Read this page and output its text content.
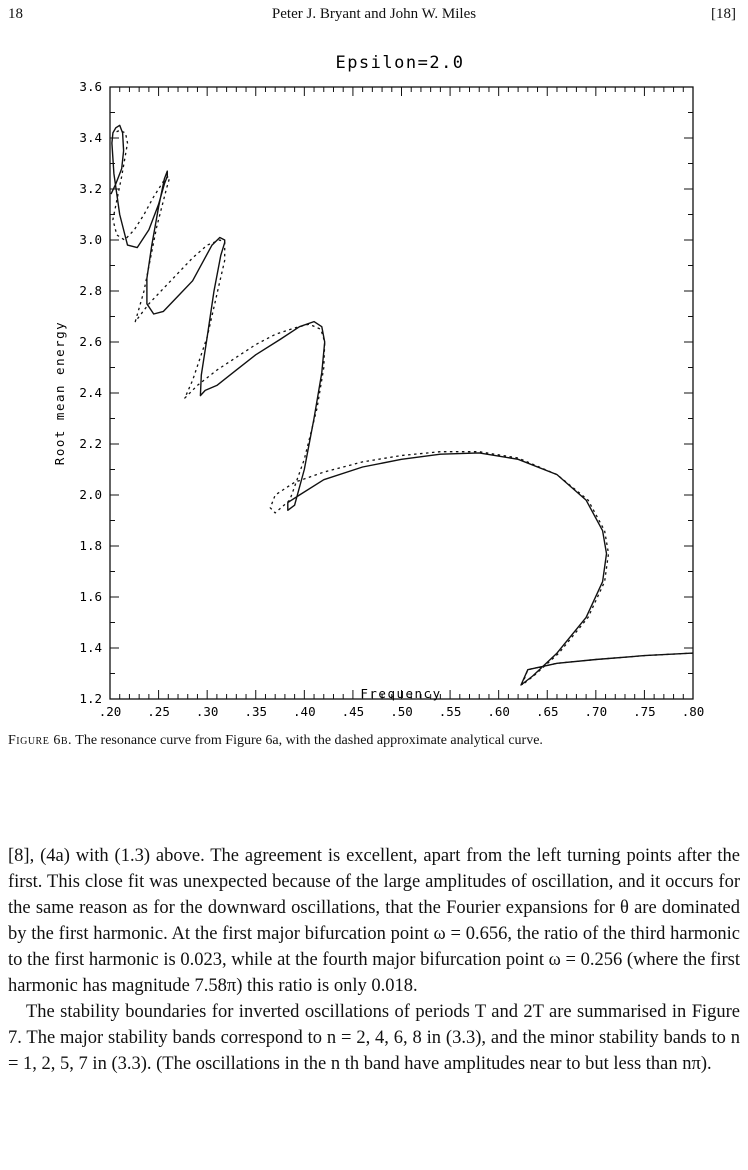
18	Peter J. Bryant and John W. Miles	[18]
Epsilon=2.0
.20 .25 .30 .35 .40 .45 .50 .55 .60 .65 .70 .75 .80
1.2
1.4
1.6
1.8
2.0
2.2
2.4
2.6
2.8
3.0
3.2
3.4
3.6
Frequency
Root mean energy
Figure 6b. The resonance curve from Figure 6a, with the dashed approximate analytical curve.

[8], (4a) with (1.3) above. The agreement is excellent, apart from the left turning points after the first. This close fit was unexpected because of the large amplitudes of oscillation, and it occurs for the same reason as for the downward oscillations, that the Fourier expansions for θ are dominated by the first harmonic. At the first major bifurcation point ω = 0.656, the ratio of the third harmonic to the first harmonic is 0.023, while at the fourth major bifurcation point ω = 0.256 (where the first harmonic has magnitude 7.58π) this ratio is only 0.018.

The stability boundaries for inverted oscillations of periods T and 2T are summarised in Figure 7. The major stability bands correspond to n = 2, 4, 6, 8 in (3.3), and the minor stability bands to n = 1, 2, 5, 7 in (3.3). (The oscillations in the n th band have amplitudes near to but less than nπ).
